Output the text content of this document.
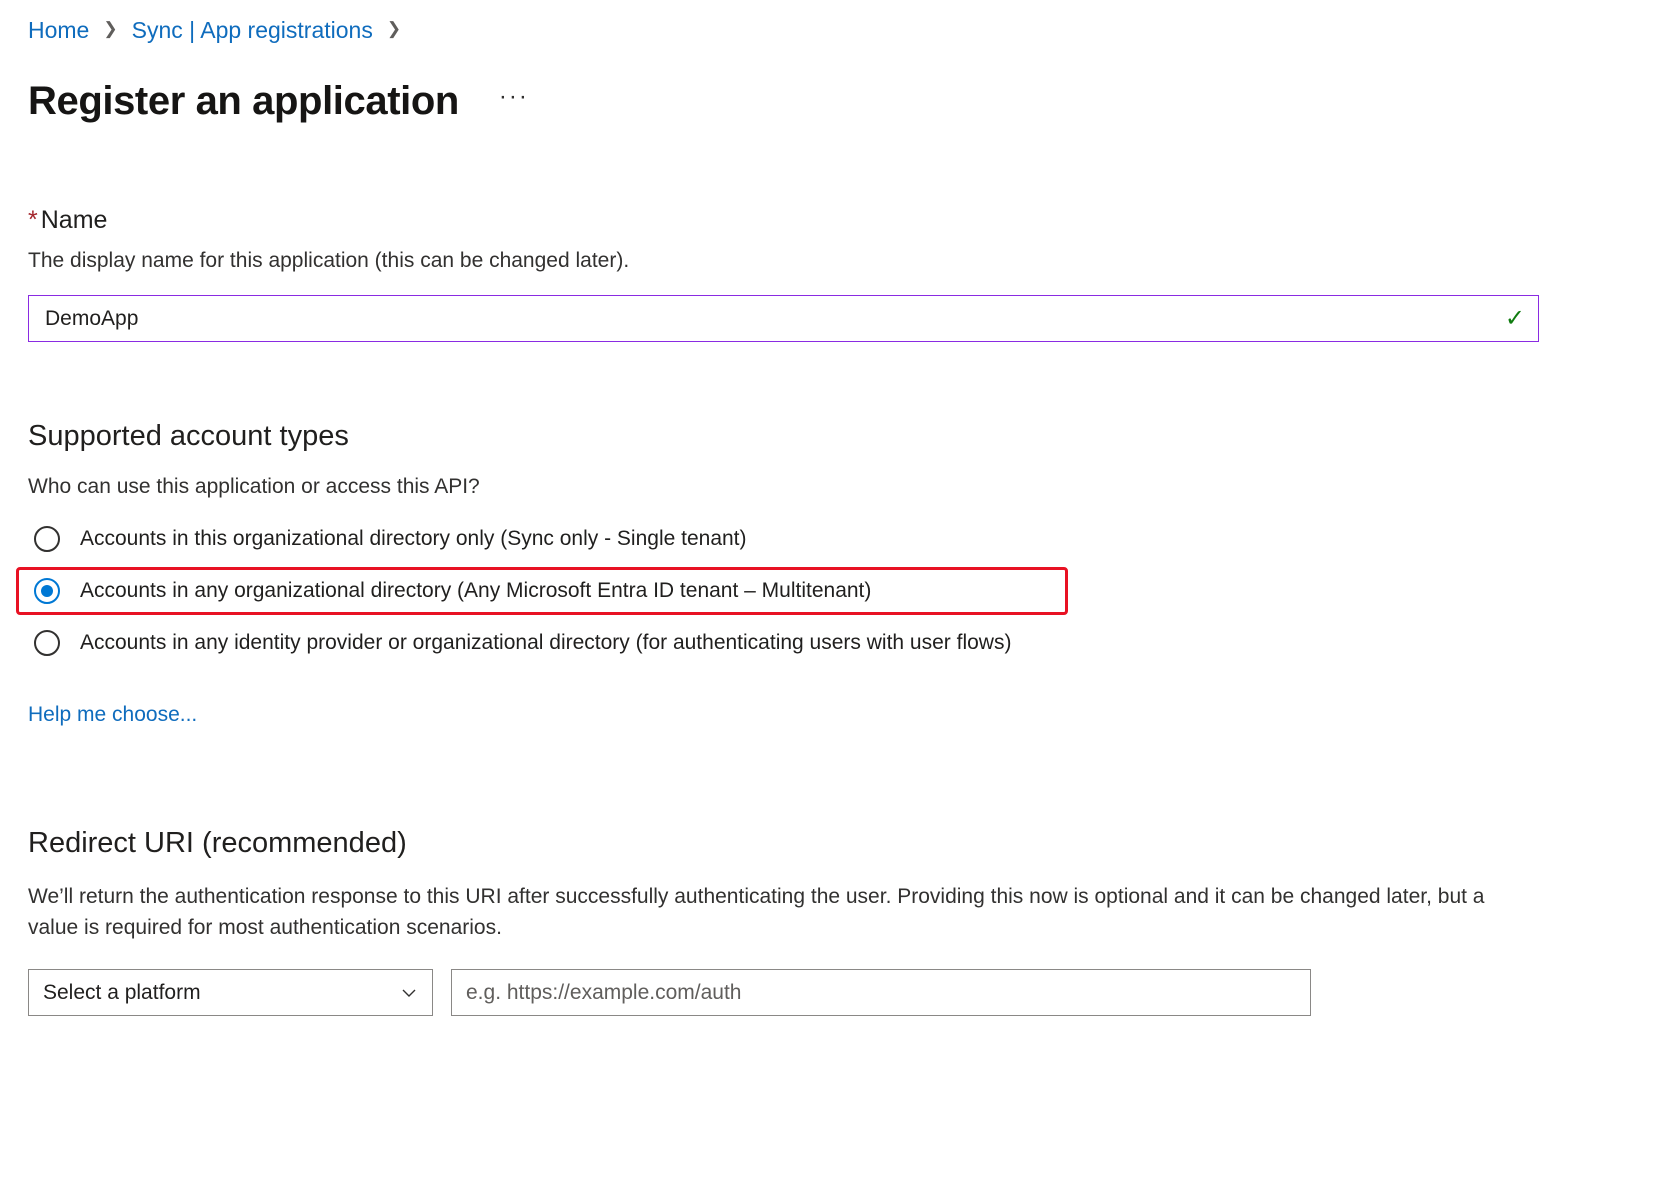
Home ❯ Sync | App registrations ❯
Register an application ···
* Name
The display name for this application (this can be changed later).
DemoApp
✓
Supported account types
Who can use this application or access this API?
Accounts in this organizational directory only (Sync only - Single tenant)
Accounts in any organizational directory (Any Microsoft Entra ID tenant – Multitenant)
Accounts in any identity provider or organizational directory (for authenticating users with user flows)
Help me choose...
Redirect URI (recommended)
We’ll return the authentication response to this URI after successfully authenticating the user. Providing this now is optional and it can be changed later, but a value is required for most authentication scenarios.
Select a platform
e.g. https://example.com/auth
